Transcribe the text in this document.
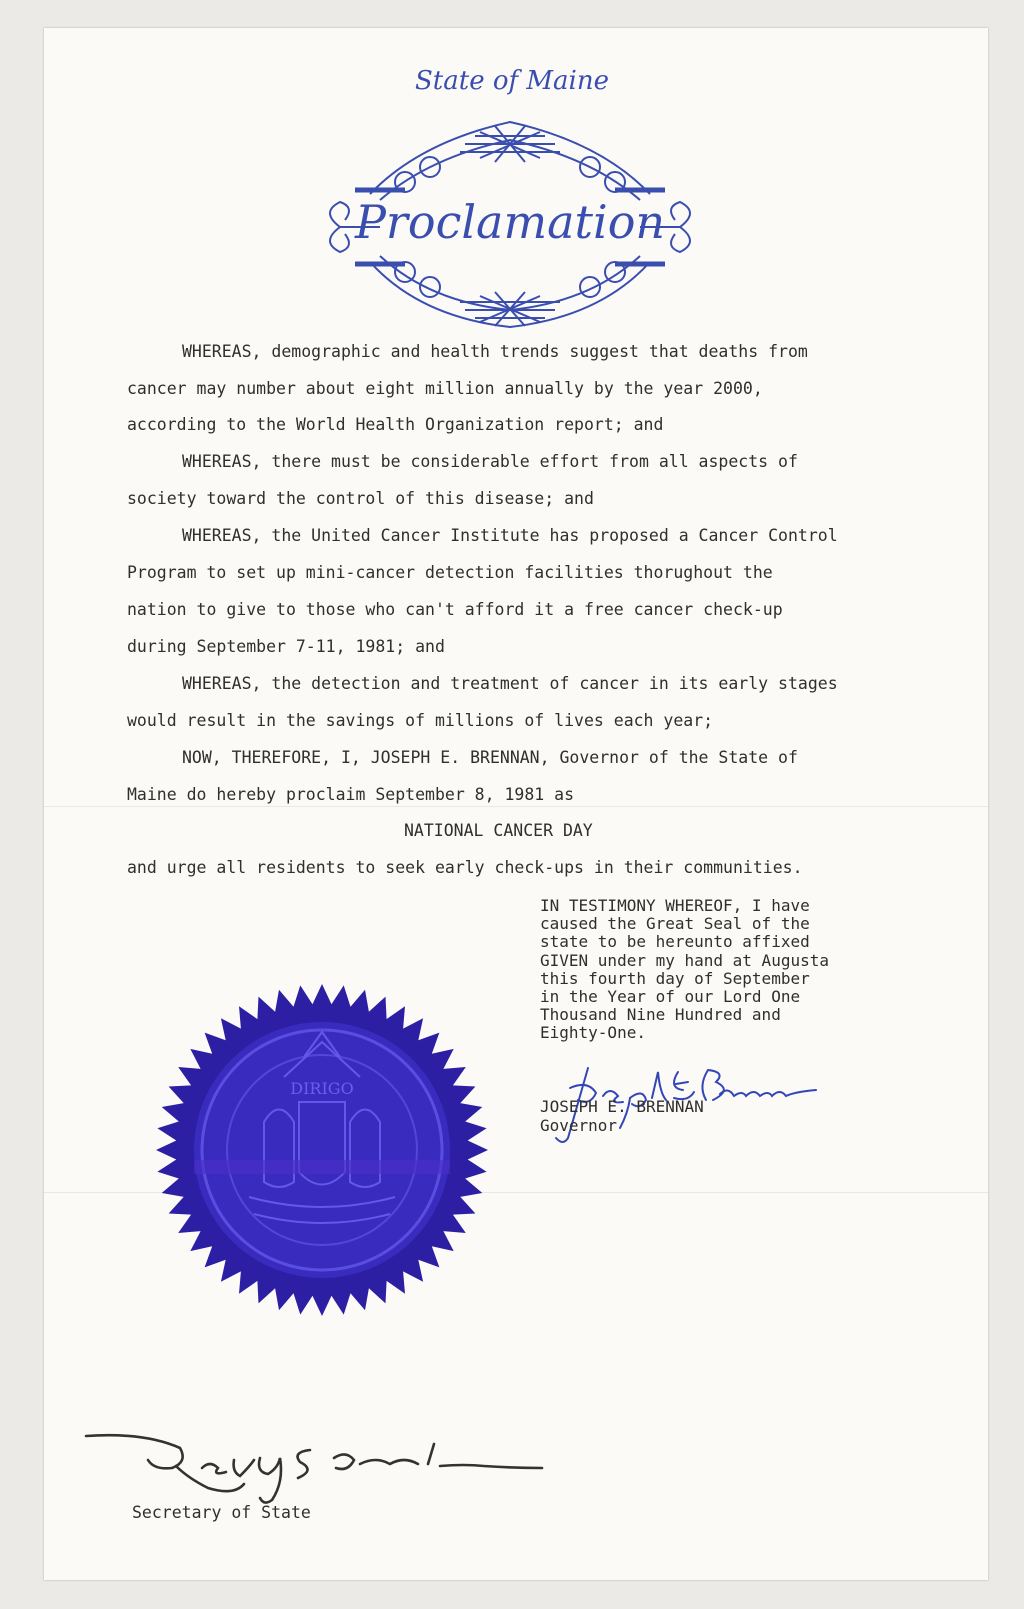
State of Maine
Proclamation
WHEREAS, demographic and health trends suggest that deaths from
cancer may number about eight million annually by the year 2000,
according to the World Health Organization report; and
WHEREAS, there must be considerable effort from all aspects of
society toward the control of this disease; and
WHEREAS, the United Cancer Institute has proposed a Cancer Control
Program to set up mini-cancer detection facilities thorughout the
nation to give to those who can't afford it a free cancer check-up
during September 7-11, 1981; and
WHEREAS, the detection and treatment of cancer in its early stages
would result in the savings of millions of lives each year;
NOW, THEREFORE, I, JOSEPH E. BRENNAN, Governor of the State of
Maine do hereby proclaim September 8, 1981 as
NATIONAL CANCER DAY
and urge all residents to seek early check-ups in their communities.
IN TESTIMONY WHEREOF, I have
caused the Great Seal of the
state to be hereunto affixed
GIVEN under my hand at Augusta
this fourth day of September
in the Year of our Lord One
Thousand Nine Hundred and
Eighty-One.
JOSEPH E. BRENNAN
Governor
DIRIGO
Secretary of State
